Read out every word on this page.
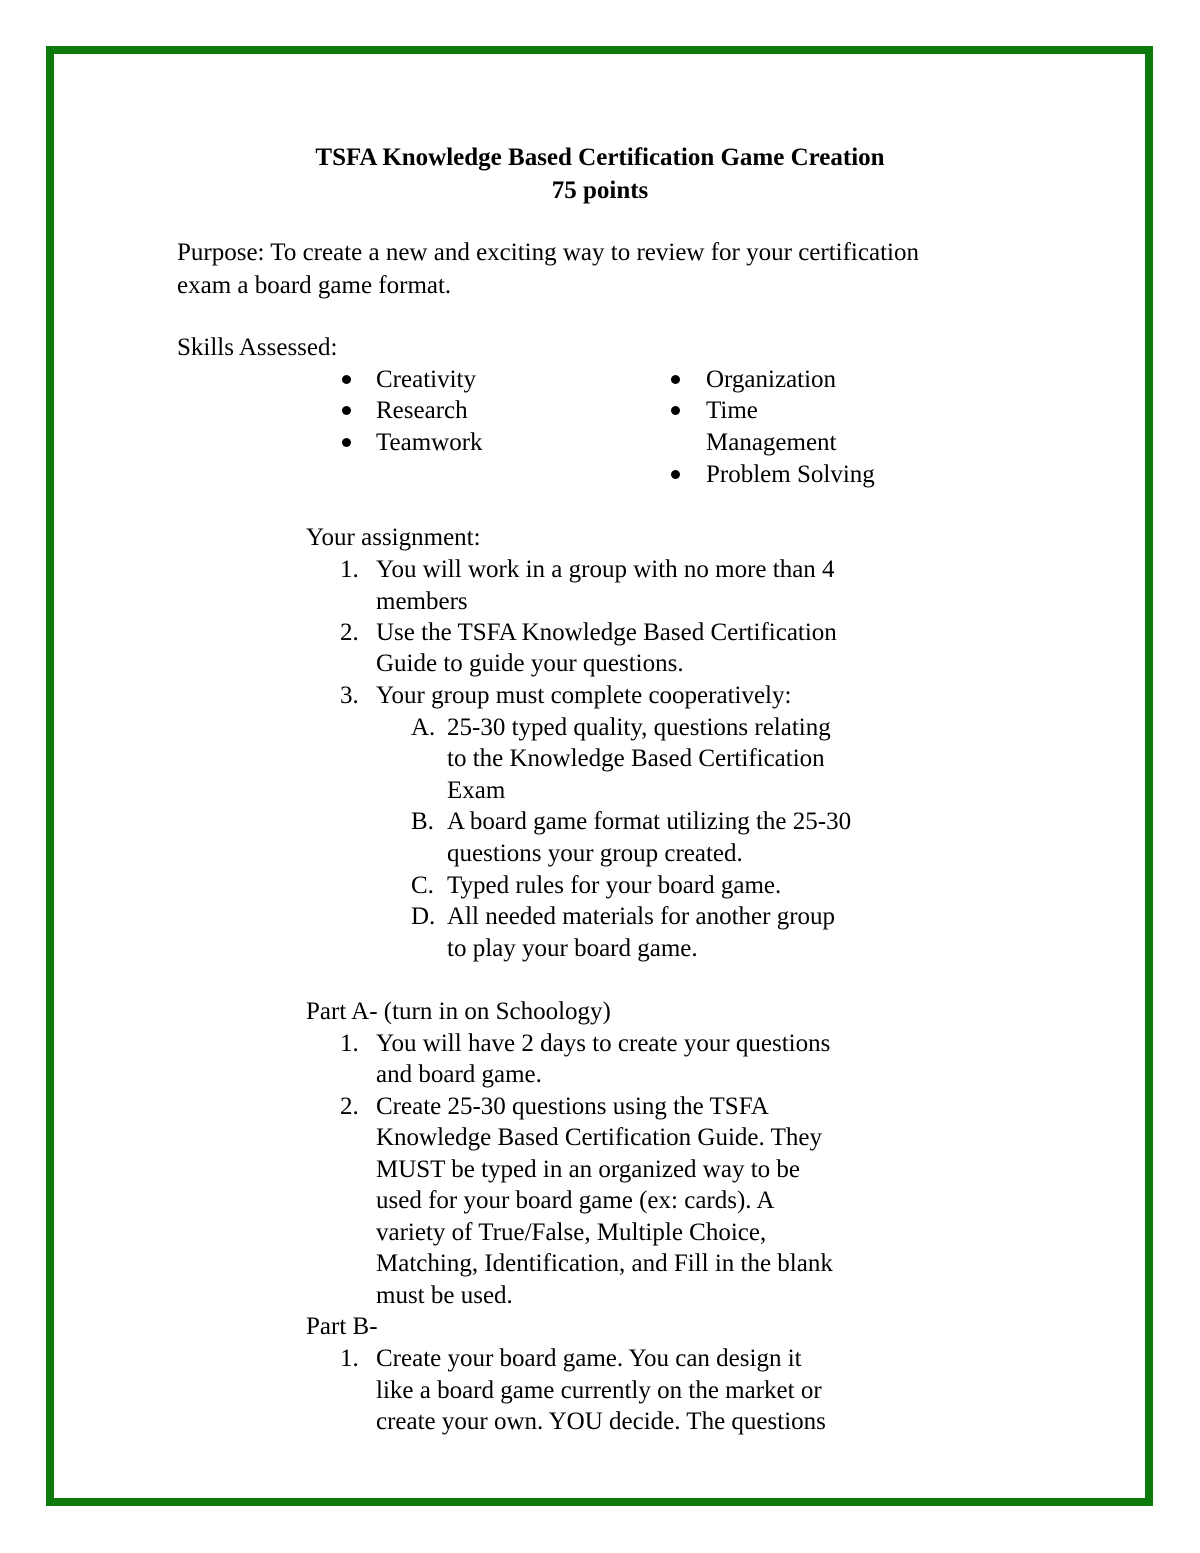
TSFA Knowledge Based Certification Game Creation
75 points
Purpose: To create a new and exciting way to review for your certification
exam a board game format.
Skills Assessed:
Creativity
Research
Teamwork
Organization
Time
Management
Problem Solving
Your assignment:
1. You will work in a group with no more than 4
members
2. Use the TSFA Knowledge Based Certification
Guide to guide your questions.
3. Your group must complete cooperatively:
A. 25-30 typed quality, questions relating
to the Knowledge Based Certification
Exam
B. A board game format utilizing the 25-30
questions your group created.
C. Typed rules for your board game.
D. All needed materials for another group
to play your board game.
Part A- (turn in on Schoology)
1. You will have 2 days to create your questions
and board game.
2. Create 25-30 questions using the TSFA
Knowledge Based Certification Guide. They
MUST be typed in an organized way to be
used for your board game (ex: cards). A
variety of True/False, Multiple Choice,
Matching, Identification, and Fill in the blank
must be used.
Part B-
1. Create your board game. You can design it
like a board game currently on the market or
create your own. YOU decide. The questions
